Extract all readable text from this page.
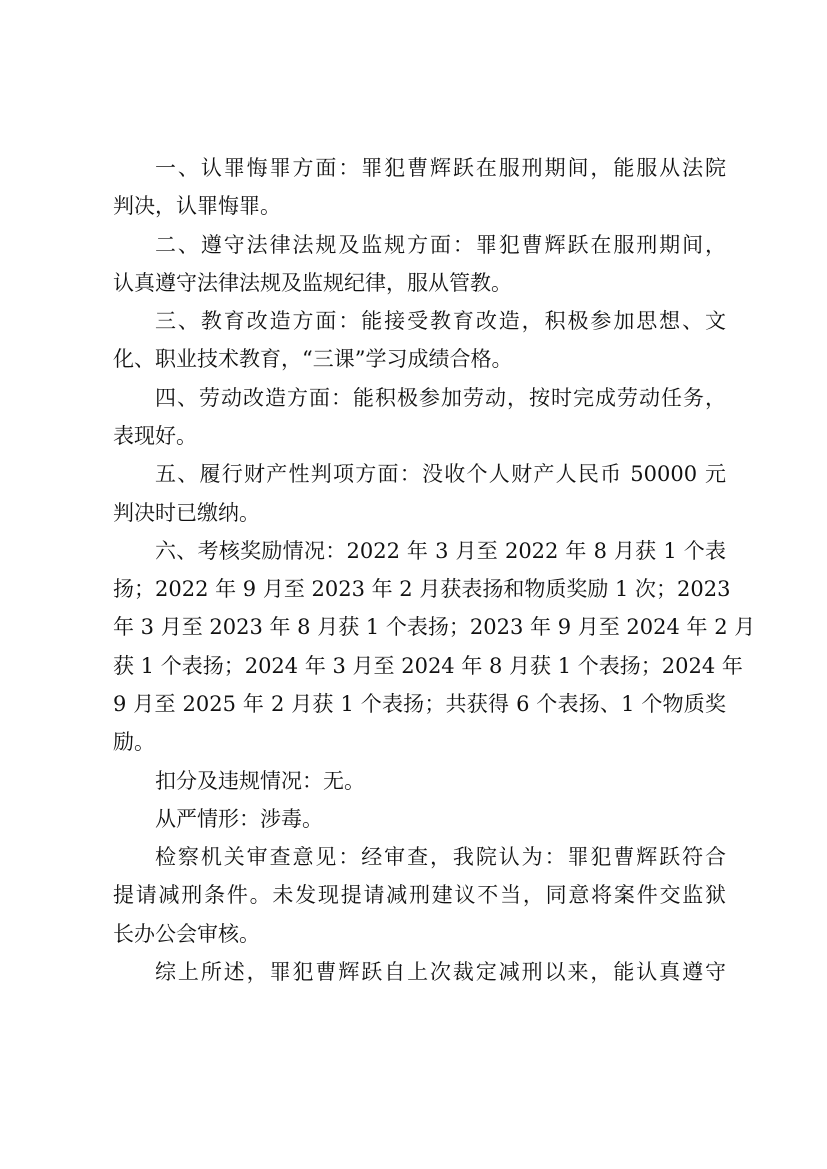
一、认罪悔罪方面：罪犯曹辉跃在服刑期间，能服从法院
判决，认罪悔罪。
二、遵守法律法规及监规方面：罪犯曹辉跃在服刑期间，
认真遵守法律法规及监规纪律，服从管教。
三、教育改造方面：能接受教育改造，积极参加思想、文
化、职业技术教育，“三课”学习成绩合格。
四、劳动改造方面：能积极参加劳动，按时完成劳动任务，
表现好。
五、履行财产性判项方面：没收个人财产人民币 50000 元
判决时已缴纳。
六、考核奖励情况：2022 年 3 月至 2022 年 8 月获 1 个表
扬；2022 年 9 月至 2023 年 2 月获表扬和物质奖励 1 次；2023
年 3 月至 2023 年 8 月获 1 个表扬；2023 年 9 月至 2024 年 2 月
获 1 个表扬；2024 年 3 月至 2024 年 8 月获 1 个表扬；2024 年
9 月至 2025 年 2 月获 1 个表扬；共获得 6 个表扬、1 个物质奖
励。
扣分及违规情况：无。
从严情形：涉毒。
检察机关审查意见：经审查，我院认为：罪犯曹辉跃符合
提请减刑条件。未发现提请减刑建议不当，同意将案件交监狱
长办公会审核。
综上所述，罪犯曹辉跃自上次裁定减刑以来，能认真遵守
